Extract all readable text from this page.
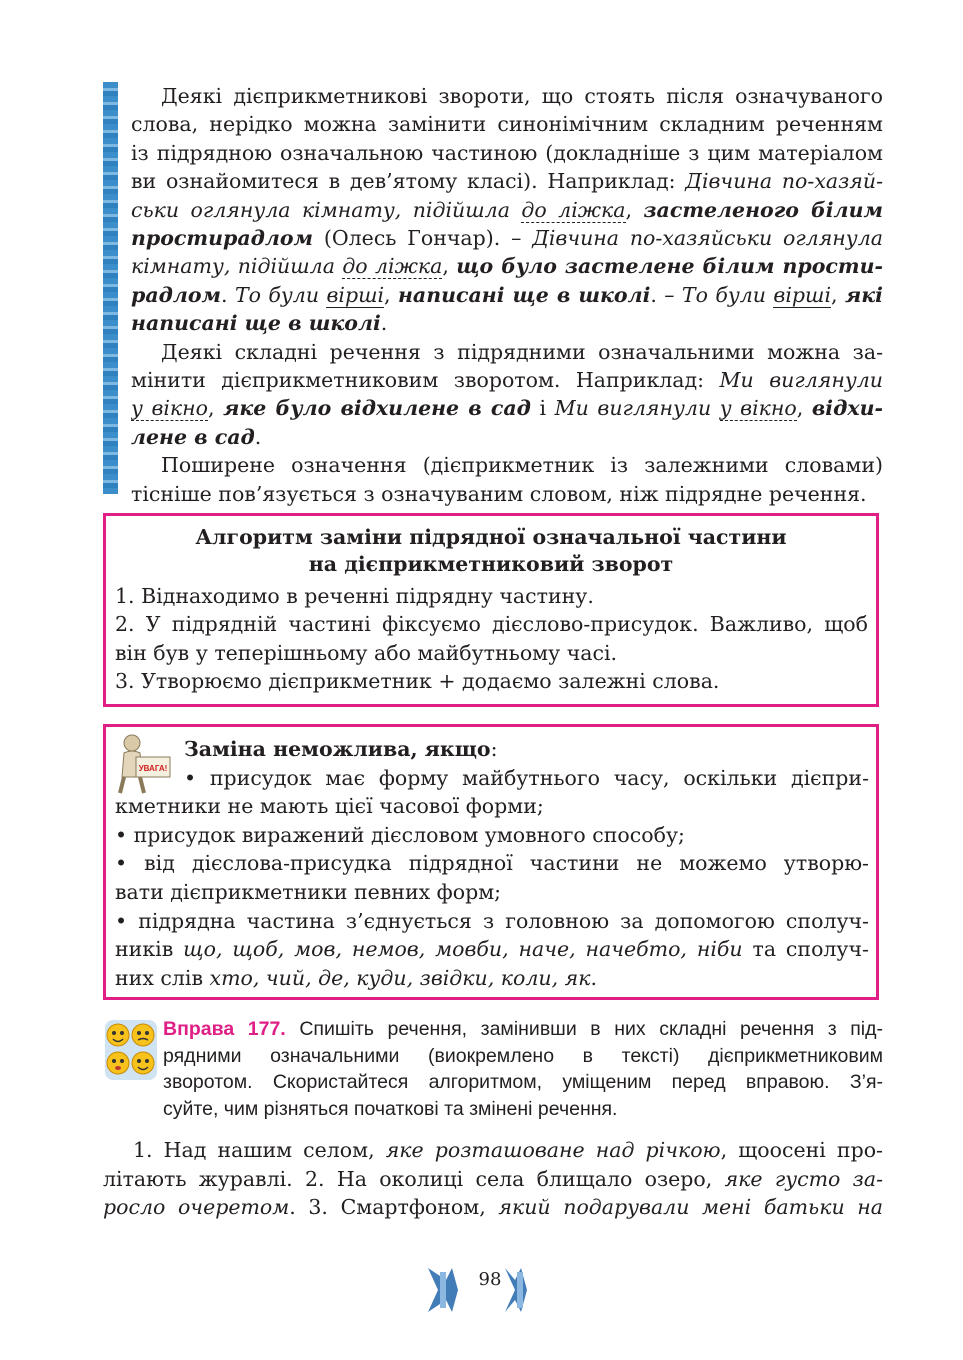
Деякі дієприкметникові звороти, що стоять після означуваного
слова, нерідко можна замінити синонімічним складним реченням
із підрядною означальною частиною (докладніше з цим матеріалом
ви ознайомитеся в дев’ятому класі). Наприклад: Дівчина по-хазяй-
ськи оглянула кімнату, підійшла до ліжка, застеленого білим
простирадлом (Олесь Гончар). – Дівчина по-хазяйськи оглянула
кімнату, підійшла до ліжка, що було застелене білим прости-
радлом. То були вірші, написані ще в школі. – То були вірші, які
написані ще в школі.
Деякі складні речення з підрядними означальними можна за-
мінити дієприкметниковим зворотом. Наприклад: Ми виглянули
у вікно, яке було відхилене в сад і Ми виглянули у вікно, відхи-
лене в сад.
Поширене означення (дієприкметник із залежними словами)
тісніше пов’язується з означуваним словом, ніж підрядне речення.
Алгоритм заміни підрядної означальної частини
на дієприкметниковий зворот
1. Віднаходимо в реченні підрядну частину.
2. У підрядній частині фіксуємо дієслово-присудок. Важливо, щоб
він був у теперішньому або майбутньому часі.
3. Утворюємо дієприкметник + додаємо залежні слова.
УВАГА!
Заміна неможлива, якщо:
• присудок має форму майбутнього часу, оскільки дієпри-
кметники не мають цієї часової форми;
• присудок виражений дієсловом умовного способу;
• від дієслова-присудка підрядної частини не можемо утворю-
вати дієприкметники певних форм;
• підрядна частина з’єднується з головною за допомогою сполуч-
ників що, щоб, мов, немов, мовби, наче, начебто, ніби та сполуч-
них слів хто, чий, де, куди, звідки, коли, як.
Вправа 177. Спишіть речення, замінивши в них складні речення з під-
рядними означальними (виокремлено в тексті) дієприкметниковим
зворотом. Скористайтеся алгоритмом, уміщеним перед вправою. З’я-
суйте, чим різняться початкові та змінені речення.
1. Над нашим селом, яке розташоване над річкою, щоосені про-
літають журавлі. 2. На околиці села блищало озеро, яке густо за-
росло очеретом. 3. Смартфоном, який подарували мені батьки на
98
